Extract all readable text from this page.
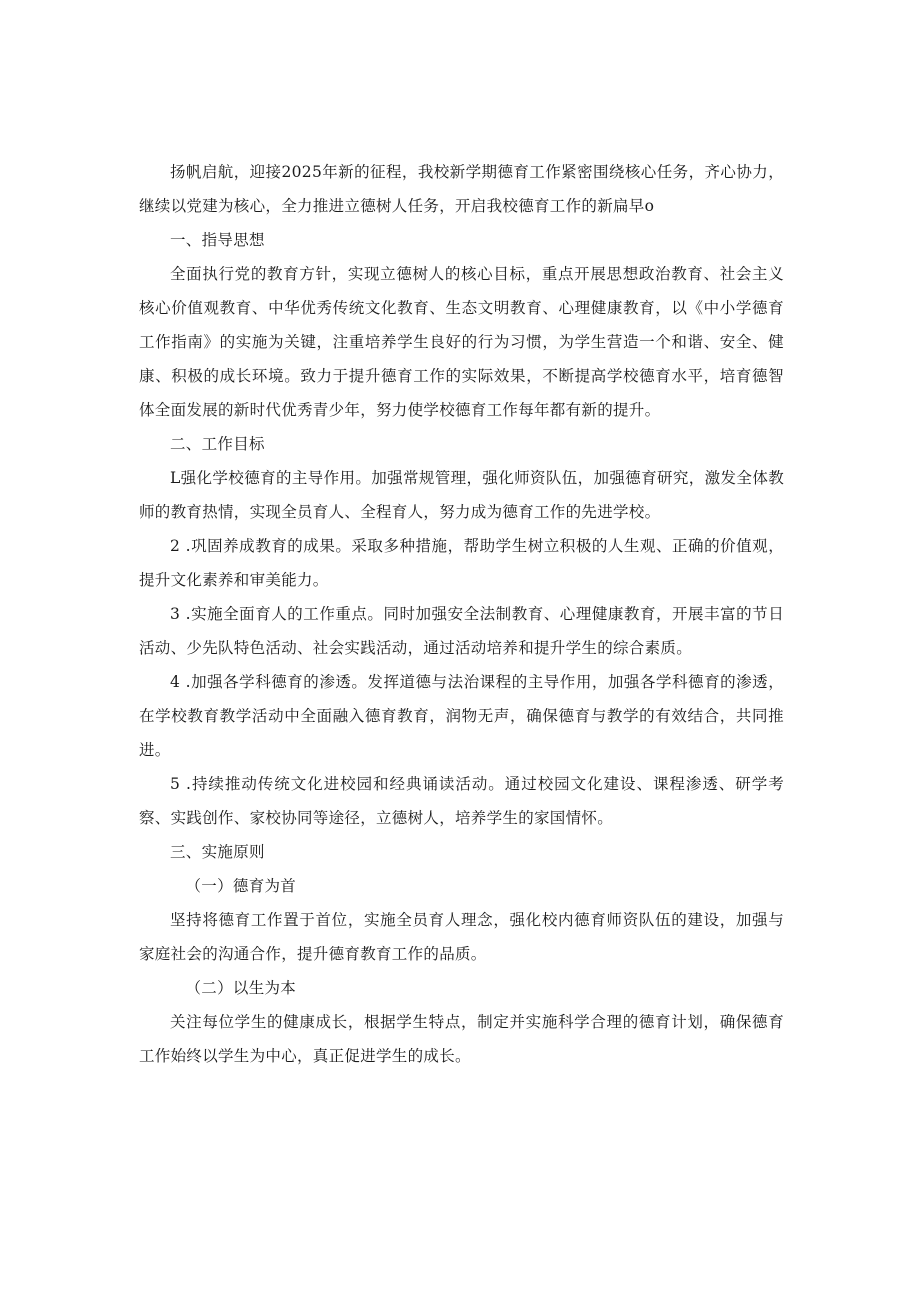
扬帆启航，迎接2025年新的征程，我校新学期德育工作紧密围绕核心任务，齐心协力，继续以党建为核心，全力推进立德树人任务，开启我校德育工作的新扁早o

一、指导思想

全面执行党的教育方针，实现立德树人的核心目标，重点开展思想政治教育、社会主义核心价值观教育、中华优秀传统文化教育、生态文明教育、心理健康教育，以《中小学德育工作指南》的实施为关键，注重培养学生良好的行为习惯，为学生营造一个和谐、安全、健康、积极的成长环境。致力于提升德育工作的实际效果，不断提高学校德育水平，培育德智体全面发展的新时代优秀青少年，努力使学校德育工作每年都有新的提升。

二、工作目标

L强化学校德育的主导作用。加强常规管理，强化师资队伍，加强德育研究，激发全体教师的教育热情，实现全员育人、全程育人，努力成为德育工作的先进学校。

2 .巩固养成教育的成果。采取多种措施，帮助学生树立积极的人生观、正确的价值观，提升文化素养和审美能力。

3 .实施全面育人的工作重点。同时加强安全法制教育、心理健康教育，开展丰富的节日活动、少先队特色活动、社会实践活动，通过活动培养和提升学生的综合素质。

4 .加强各学科德育的渗透。发挥道德与法治课程的主导作用，加强各学科德育的渗透，在学校教育教学活动中全面融入德育教育，润物无声，确保德育与教学的有效结合，共同推进。

5 .持续推动传统文化进校园和经典诵读活动。通过校园文化建设、课程渗透、研学考察、实践创作、家校协同等途径，立德树人，培养学生的家国情怀。

三、实施原则

（一）德育为首

坚持将德育工作置于首位，实施全员育人理念，强化校内德育师资队伍的建设，加强与家庭社会的沟通合作，提升德育教育工作的品质。

（二）以生为本

关注每位学生的健康成长，根据学生特点，制定并实施科学合理的德育计划，确保德育工作始终以学生为中心，真正促进学生的成长。
